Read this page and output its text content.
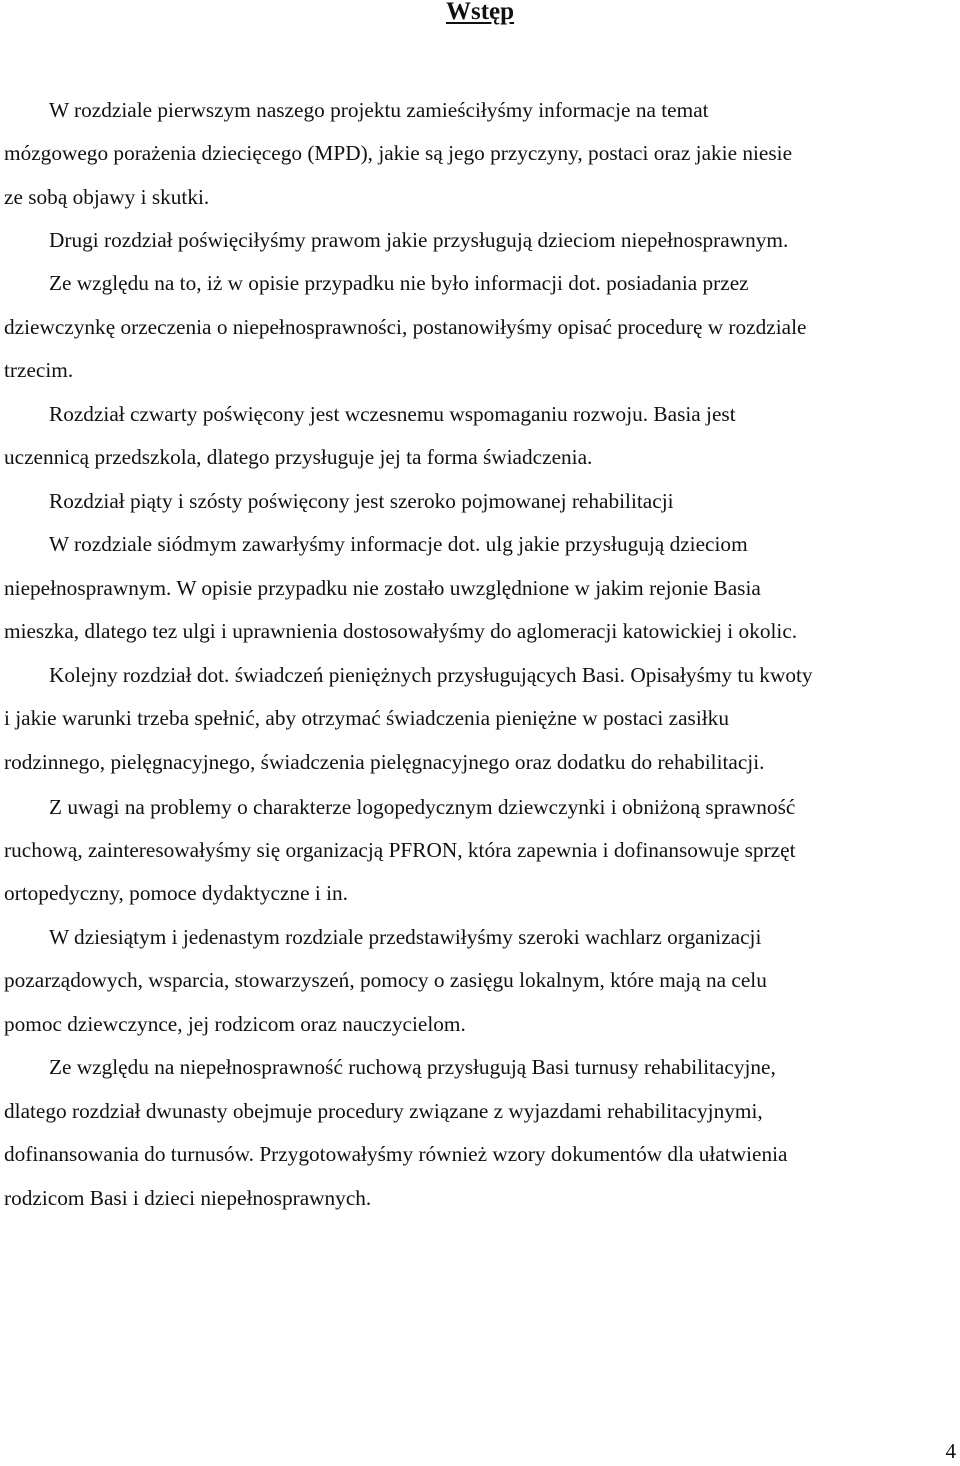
Wstęp
W rozdziale pierwszym naszego projektu zamieściłyśmy informacje na temat
mózgowego porażenia dziecięcego (MPD), jakie są jego przyczyny, postaci oraz jakie niesie
ze sobą objawy i skutki.
Drugi rozdział poświęciłyśmy prawom jakie przysługują dzieciom niepełnosprawnym.
Ze względu na to, iż w opisie przypadku nie było informacji dot. posiadania przez
dziewczynkę orzeczenia o niepełnosprawności, postanowiłyśmy opisać procedurę w rozdziale
trzecim.
Rozdział czwarty poświęcony jest wczesnemu wspomaganiu rozwoju. Basia jest
uczennicą przedszkola, dlatego przysługuje jej ta forma świadczenia.
Rozdział piąty i szósty poświęcony jest szeroko pojmowanej rehabilitacji
W rozdziale siódmym zawarłyśmy informacje dot. ulg jakie przysługują dzieciom
niepełnosprawnym. W opisie przypadku nie zostało uwzględnione w jakim rejonie Basia
mieszka, dlatego tez ulgi i uprawnienia dostosowałyśmy do aglomeracji katowickiej i okolic.
Kolejny rozdział dot. świadczeń pieniężnych przysługujących Basi. Opisałyśmy tu kwoty
i jakie warunki trzeba spełnić, aby otrzymać świadczenia pieniężne w postaci zasiłku
rodzinnego, pielęgnacyjnego, świadczenia pielęgnacyjnego oraz dodatku do rehabilitacji.
Z uwagi na problemy o charakterze logopedycznym dziewczynki i obniżoną sprawność
ruchową, zainteresowałyśmy się organizacją PFRON, która zapewnia i dofinansowuje sprzęt
ortopedyczny, pomoce dydaktyczne i in.
W dziesiątym i jedenastym rozdziale przedstawiłyśmy szeroki wachlarz organizacji
pozarządowych, wsparcia, stowarzyszeń, pomocy o zasięgu lokalnym, które mają na celu
pomoc dziewczynce, jej rodzicom oraz nauczycielom.
Ze względu na niepełnosprawność ruchową przysługują Basi turnusy rehabilitacyjne,
dlatego rozdział dwunasty obejmuje procedury związane z wyjazdami rehabilitacyjnymi,
dofinansowania do turnusów. Przygotowałyśmy również wzory dokumentów dla ułatwienia
rodzicom Basi i dzieci niepełnosprawnych.
4
